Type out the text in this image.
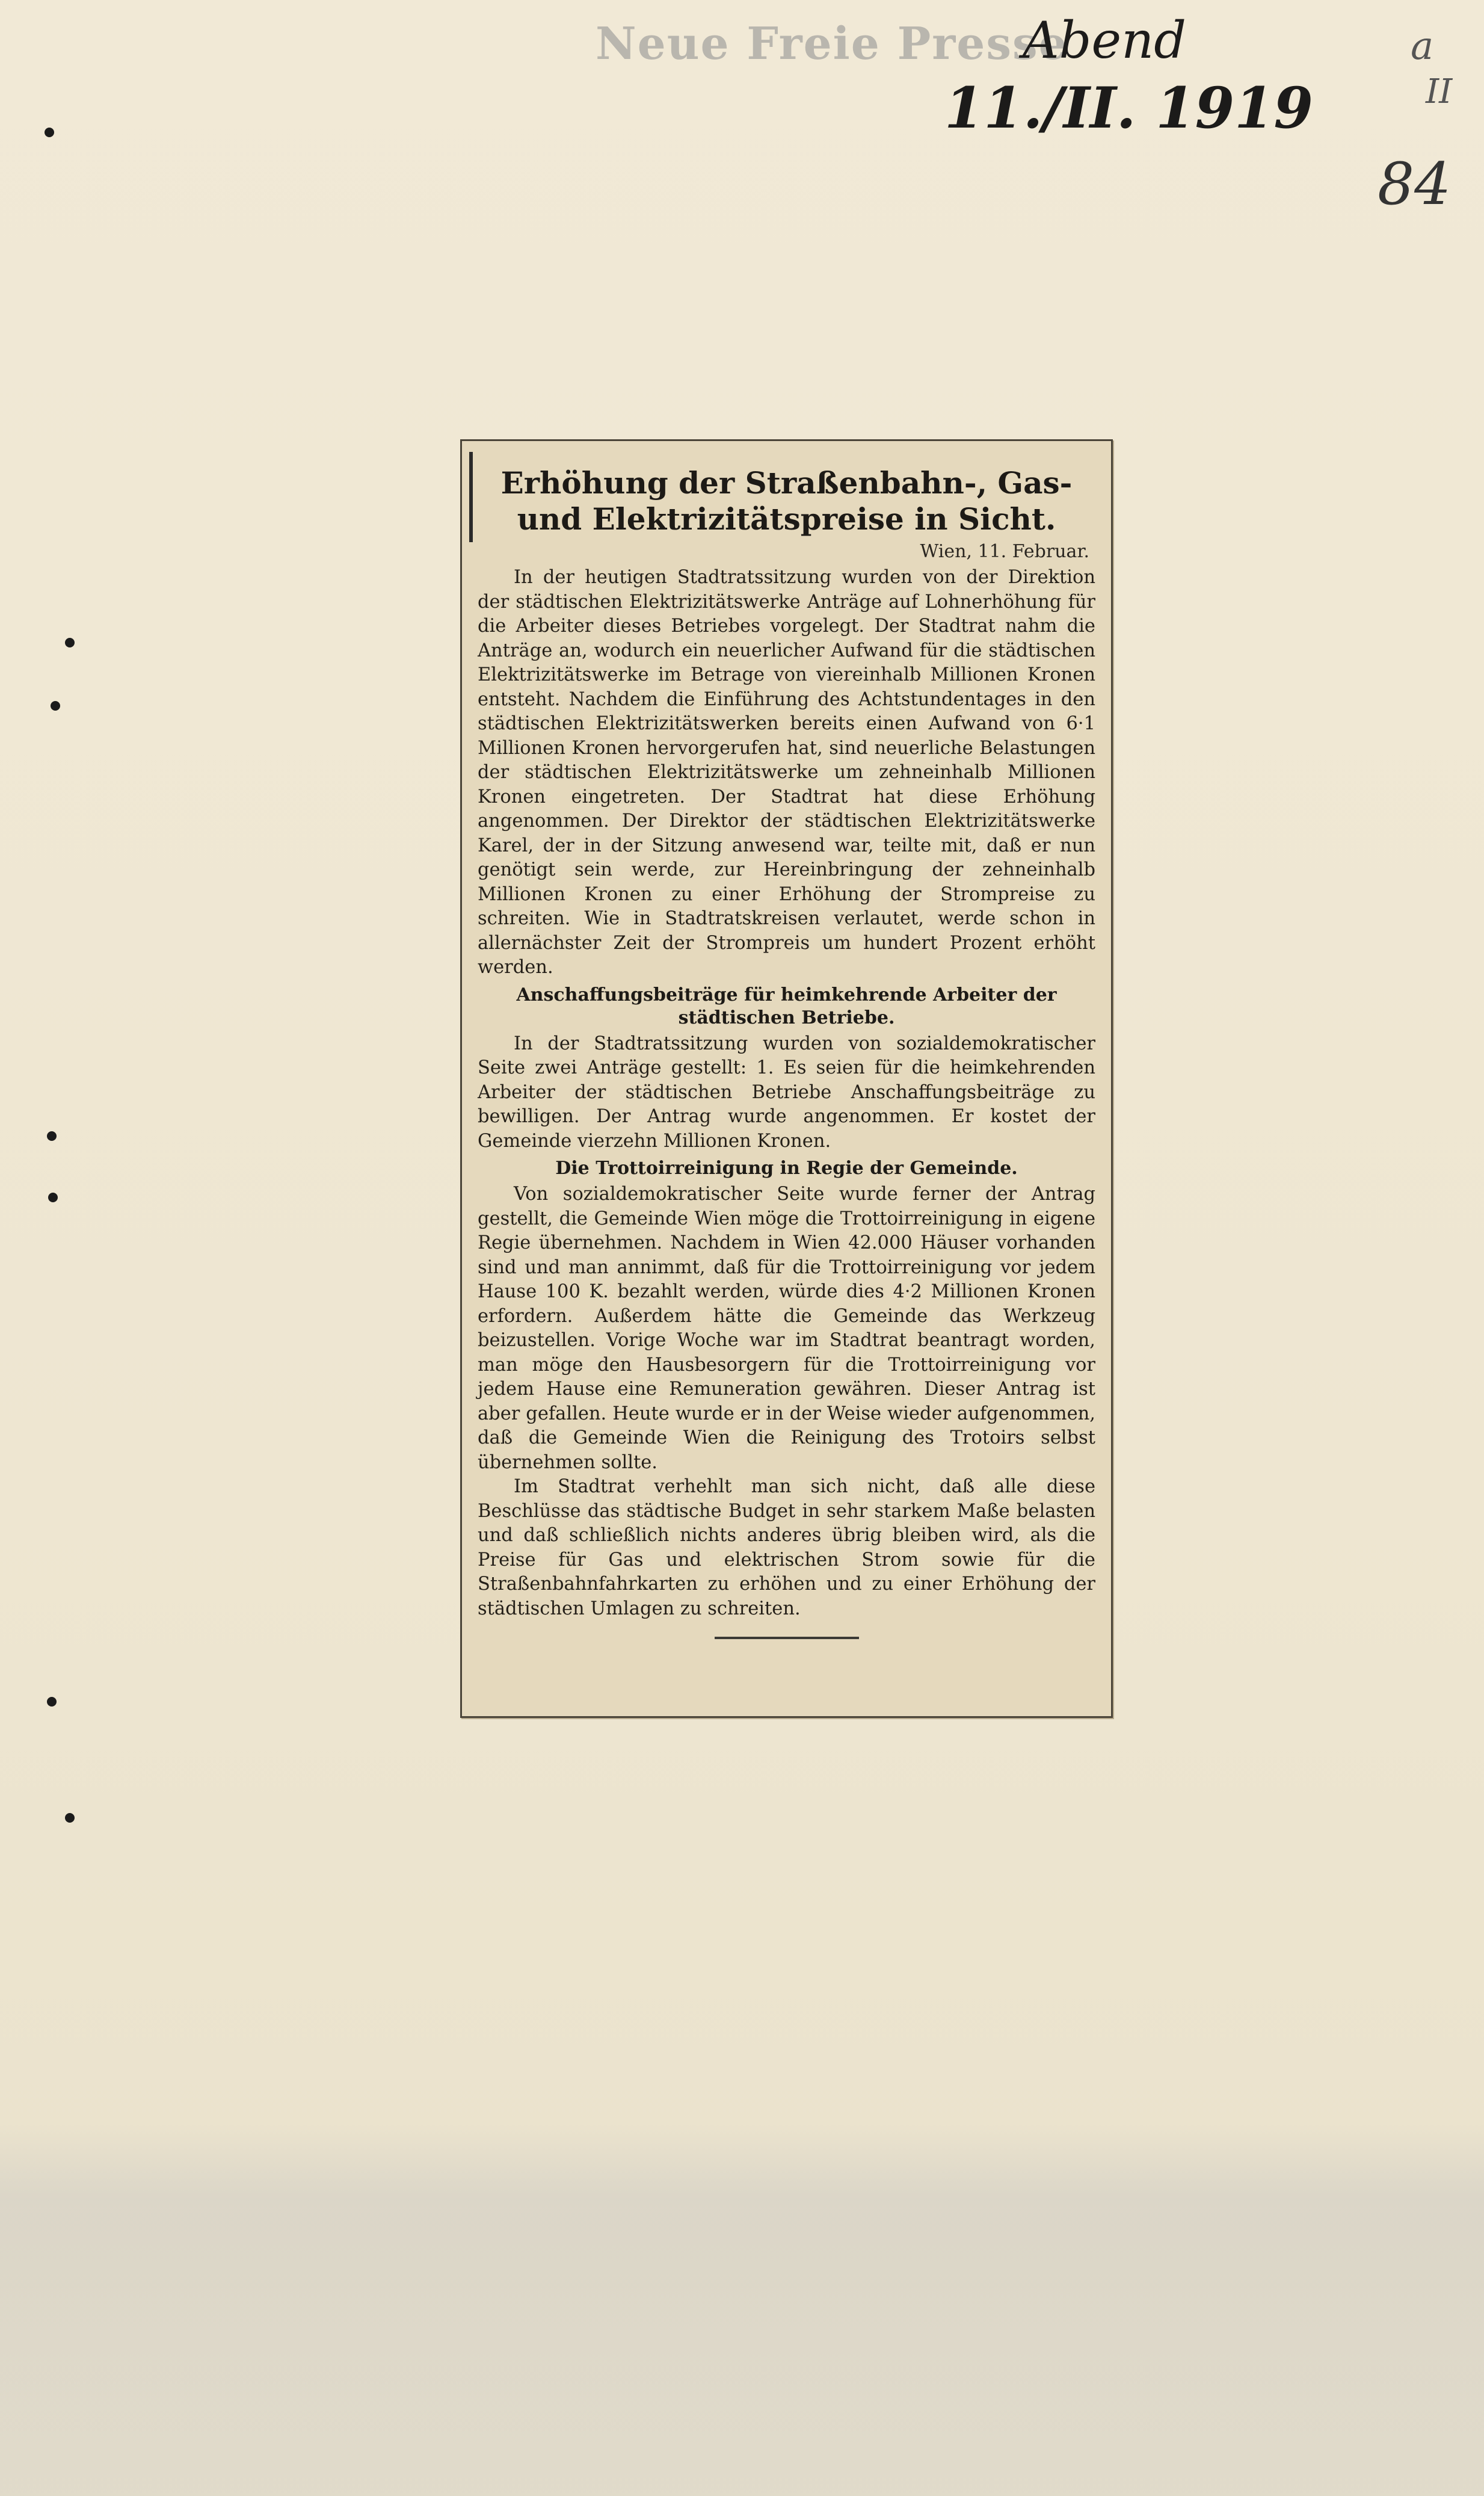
Neue Freie Presse
Abend
11./II. 1919
a
II
84
Erhöhung der Straßenbahn-, Gas- und Elektrizitätspreise in Sicht.
Wien, 11. Februar.

In der heutigen Stadtratssitzung wurden von der Direktion der städtischen Elektrizitätswerke Anträge auf Lohnerhöhung für die Arbeiter dieses Betriebes vorgelegt. Der Stadtrat nahm die Anträge an, wodurch ein neuerlicher Aufwand für die städtischen Elektrizitätswerke im Betrage von viereinhalb Millionen Kronen entsteht. Nachdem die Einführung des Achtstundentages in den städtischen Elektrizitätswerken bereits einen Aufwand von 6·1 Millionen Kronen hervorgerufen hat, sind neuerliche Belastungen der städtischen Elektrizitätswerke um zehneinhalb Millionen Kronen eingetreten. Der Stadtrat hat diese Erhöhung angenommen. Der Direktor der städtischen Elektrizitätswerke Karel, der in der Sitzung anwesend war, teilte mit, daß er nun genötigt sein werde, zur Hereinbringung der zehneinhalb Millionen Kronen zu einer Erhöhung der Strompreise zu schreiten. Wie in Stadtratskreisen verlautet, werde schon in allernächster Zeit der Strompreis um hundert Prozent erhöht werden.

Anschaffungsbeiträge für heimkehrende Arbeiter der städtischen Betriebe.

In der Stadtratssitzung wurden von sozialdemokratischer Seite zwei Anträge gestellt: 1. Es seien für die heimkehrenden Arbeiter der städtischen Betriebe Anschaffungsbeiträge zu bewilligen. Der Antrag wurde angenommen. Er kostet der Gemeinde vierzehn Millionen Kronen.

Die Trottoirreinigung in Regie der Gemeinde.

Von sozialdemokratischer Seite wurde ferner der Antrag gestellt, die Gemeinde Wien möge die Trottoirreinigung in eigene Regie übernehmen. Nachdem in Wien 42.000 Häuser vorhanden sind und man annimmt, daß für die Trottoirreinigung vor jedem Hause 100 K. bezahlt werden, würde dies 4·2 Millionen Kronen erfordern. Außerdem hätte die Gemeinde das Werkzeug beizustellen. Vorige Woche war im Stadtrat beantragt worden, man möge den Hausbesorgern für die Trottoirreinigung vor jedem Hause eine Remuneration gewähren. Dieser Antrag ist aber gefallen. Heute wurde er in der Weise wieder aufgenommen, daß die Gemeinde Wien die Reinigung des Trotoirs selbst übernehmen sollte.

Im Stadtrat verhehlt man sich nicht, daß alle diese Beschlüsse das städtische Budget in sehr starkem Maße belasten und daß schließlich nichts anderes übrig bleiben wird, als die Preise für Gas und elektrischen Strom sowie für die Straßenbahnfahrkarten zu erhöhen und zu einer Erhöhung der städtischen Umlagen zu schreiten.
